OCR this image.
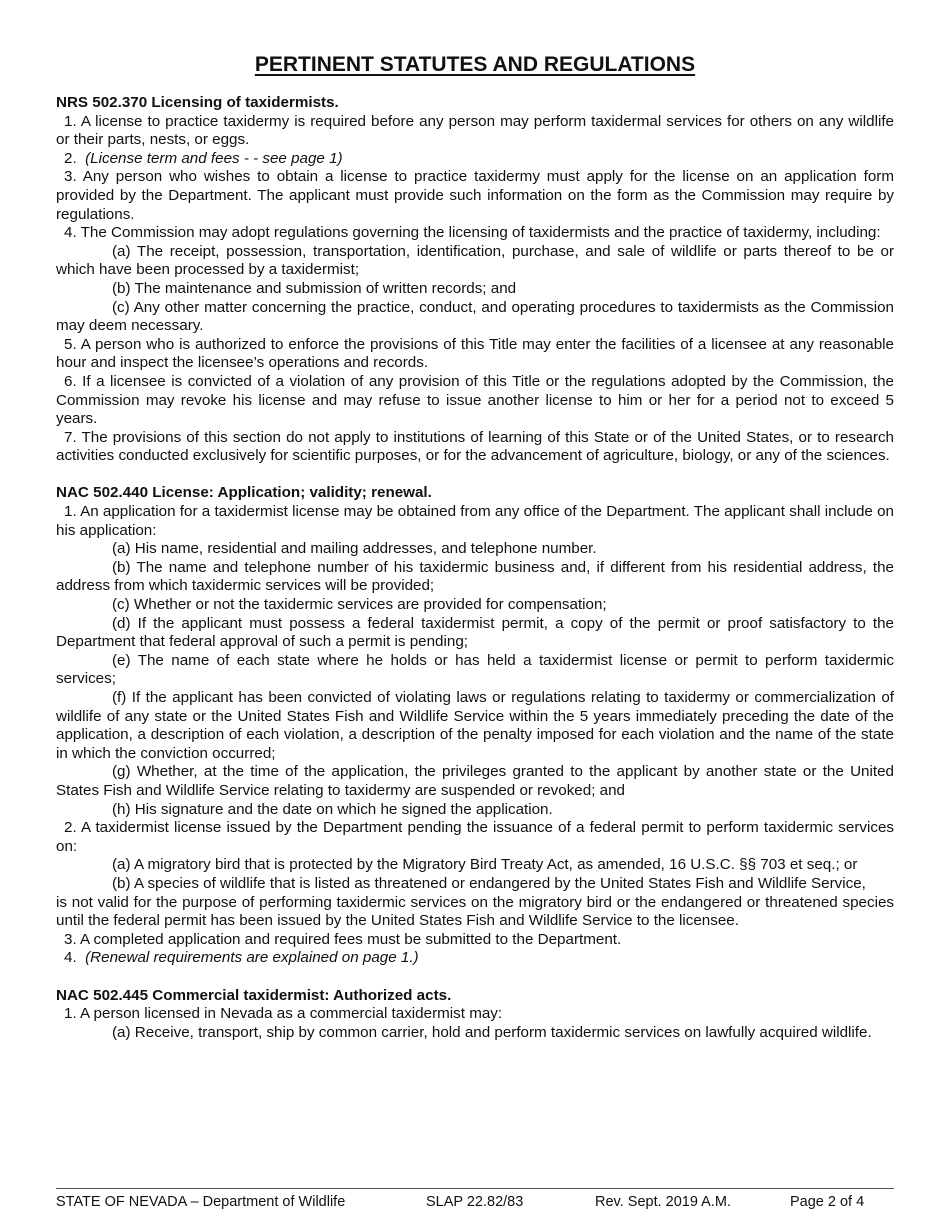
PERTINENT STATUTES AND REGULATIONS

NRS 502.370 Licensing of taxidermists.

1. A license to practice taxidermy is required before any person may perform taxidermal services for others on any wildlife or their parts, nests, or eggs.

2. (License term and fees - - see page 1)

3. Any person who wishes to obtain a license to practice taxidermy must apply for the license on an application form provided by the Department. The applicant must provide such information on the form as the Commission may require by regulations.

4. The Commission may adopt regulations governing the licensing of taxidermists and the practice of taxidermy, including:

(a) The receipt, possession, transportation, identification, purchase, and sale of wildlife or parts thereof to be or which have been processed by a taxidermist;

(b) The maintenance and submission of written records; and

(c) Any other matter concerning the practice, conduct, and operating procedures to taxidermists as the Commission may deem necessary.

5. A person who is authorized to enforce the provisions of this Title may enter the facilities of a licensee at any reasonable hour and inspect the licensee’s operations and records.

6. If a licensee is convicted of a violation of any provision of this Title or the regulations adopted by the Commission, the Commission may revoke his license and may refuse to issue another license to him or her for a period not to exceed 5 years.

7. The provisions of this section do not apply to institutions of learning of this State or of the United States, or to research activities conducted exclusively for scientific purposes, or for the advancement of agriculture, biology, or any of the sciences.

NAC 502.440 License: Application; validity; renewal.

1. An application for a taxidermist license may be obtained from any office of the Department. The applicant shall include on his application:

(a) His name, residential and mailing addresses, and telephone number.

(b) The name and telephone number of his taxidermic business and, if different from his residential address, the address from which taxidermic services will be provided;

(c) Whether or not the taxidermic services are provided for compensation;

(d) If the applicant must possess a federal taxidermist permit, a copy of the permit or proof satisfactory to the Department that federal approval of such a permit is pending;

(e) The name of each state where he holds or has held a taxidermist license or permit to perform taxidermic services;

(f) If the applicant has been convicted of violating laws or regulations relating to taxidermy or commercialization of wildlife of any state or the United States Fish and Wildlife Service within the 5 years immediately preceding the date of the application, a description of each violation, a description of the penalty imposed for each violation and the name of the state in which the conviction occurred;

(g) Whether, at the time of the application, the privileges granted to the applicant by another state or the United States Fish and Wildlife Service relating to taxidermy are suspended or revoked; and

(h) His signature and the date on which he signed the application.

2. A taxidermist license issued by the Department pending the issuance of a federal permit to perform taxidermic services on:

(a) A migratory bird that is protected by the Migratory Bird Treaty Act, as amended, 16 U.S.C. §§ 703 et seq.; or

(b) A species of wildlife that is listed as threatened or endangered by the United States Fish and Wildlife Service,

is not valid for the purpose of performing taxidermic services on the migratory bird or the endangered or threatened species until the federal permit has been issued by the United States Fish and Wildlife Service to the licensee.

3. A completed application and required fees must be submitted to the Department.

4. (Renewal requirements are explained on page 1.)

NAC 502.445 Commercial taxidermist: Authorized acts.

1. A person licensed in Nevada as a commercial taxidermist may:

(a) Receive, transport, ship by common carrier, hold and perform taxidermic services on lawfully acquired wildlife.

STATE OF NEVADA – Department of Wildlife	SLAP 22.82/83	Rev. Sept. 2019 A.M.	Page 2 of 4
